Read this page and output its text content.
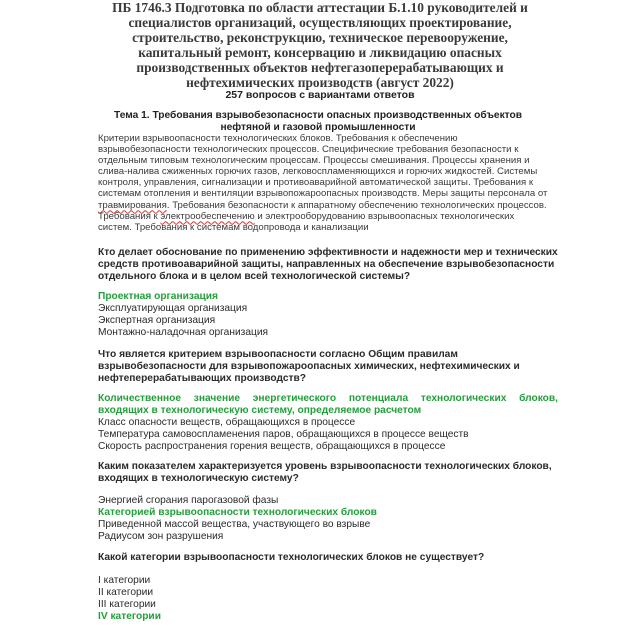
ПБ 1746.3 Подготовка по области аттестации Б.1.10 руководителей и специалистов организаций, осуществляющих проектирование, строительство, реконструкцию, техническое перевооружение, капитальный ремонт, консервацию и ликвидацию опасных производственных объектов нефтегазоперерабатывающих и нефтехимических производств (август 2022)
257 вопросов с вариантами ответов
Тема 1. Требования взрывобезопасности опасных производственных объектов нефтяной и газовой промышленности
Критерии взрывоопасности технологических блоков. Требования к обеспечению взрывобезопасности технологических процессов. Специфические требования безопасности к отдельным типовым технологическим процессам. Процессы смешивания. Процессы хранения и слива-налива сжиженных горючих газов, легковоспламеняющихся и горючих жидкостей. Системы контроля, управления, сигнализации и противоаварийной автоматической защиты. Требования к системам отопления и вентиляции взрывопожароопасных производств. Меры защиты персонала от травмирования. Требования безопасности к аппаратному обеспечению технологических процессов. Требования к электрообеспечению и электрооборудованию взрывоопасных технологических систем. Требования к системам водопровода и канализации
Кто делает обоснование по применению эффективности и надежности мер и технических средств противоаварийной защиты, направленных на обеспечение взрывобезопасности отдельного блока и в целом всей технологической системы?
Проектная организация
Эксплуатирующая организация
Экспертная организация
Монтажно-наладочная организация
Что является критерием взрывоопасности согласно Общим правилам взрывобезопасности для взрывопожароопасных химических, нефтехимических и нефтеперерабатывающих производств?
Количественное значение энергетического потенциала технологических блоков, входящих в технологическую систему, определяемое расчетом
Класс опасности веществ, обращающихся в процессе
Температура самовоспламенения паров, обращающихся в процессе веществ
Скорость распространения горения веществ, обращающихся в процессе
Каким показателем характеризуется уровень взрывоопасности технологических блоков, входящих в технологическую систему?
Энергией сгорания парогазовой фазы
Категорией взрывоопасности технологических блоков
Приведенной массой вещества, участвующего во взрыве
Радиусом зон разрушения
Какой категории взрывоопасности технологических блоков не существует?
I категории
II категории
III категории
IV категории
